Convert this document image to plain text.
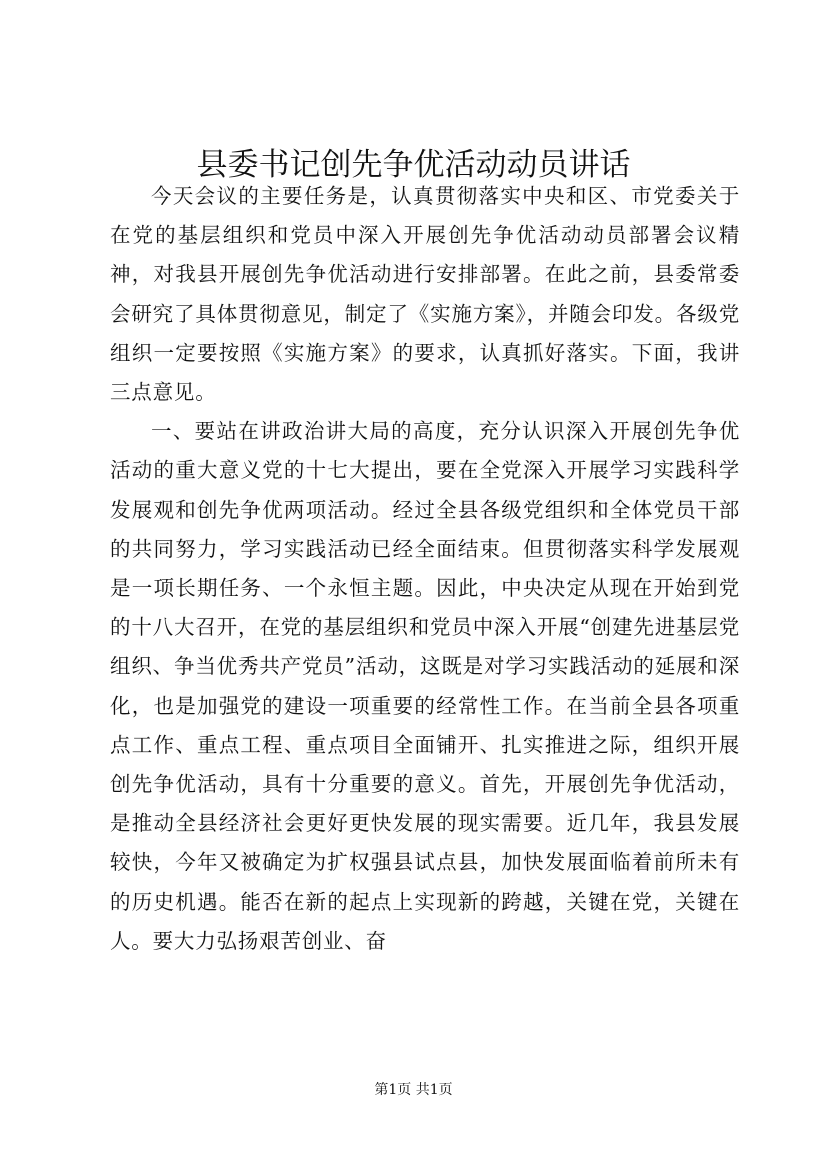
县委书记创先争优活动动员讲话

今天会议的主要任务是，认真贯彻落实中央和区、市党委关于在党的基层组织和党员中深入开展创先争优活动动员部署会议精神，对我县开展创先争优活动进行安排部署。在此之前，县委常委会研究了具体贯彻意见，制定了《实施方案》，并随会印发。各级党组织一定要按照《实施方案》的要求，认真抓好落实。下面，我讲三点意见。

一、要站在讲政治讲大局的高度，充分认识深入开展创先争优活动的重大意义党的十七大提出，要在全党深入开展学习实践科学发展观和创先争优两项活动。经过全县各级党组织和全体党员干部的共同努力，学习实践活动已经全面结束。但贯彻落实科学发展观是一项长期任务、一个永恒主题。因此，中央决定从现在开始到党的十八大召开，在党的基层组织和党员中深入开展“创建先进基层党组织、争当优秀共产党员”活动，这既是对学习实践活动的延展和深化，也是加强党的建设一项重要的经常性工作。在当前全县各项重点工作、重点工程、重点项目全面铺开、扎实推进之际，组织开展创先争优活动，具有十分重要的意义。首先，开展创先争优活动，是推动全县经济社会更好更快发展的现实需要。近几年，我县发展较快，今年又被确定为扩权强县试点县，加快发展面临着前所未有的历史机遇。能否在新的起点上实现新的跨越，关键在党，关键在人。要大力弘扬艰苦创业、奋

第1页 共1页
